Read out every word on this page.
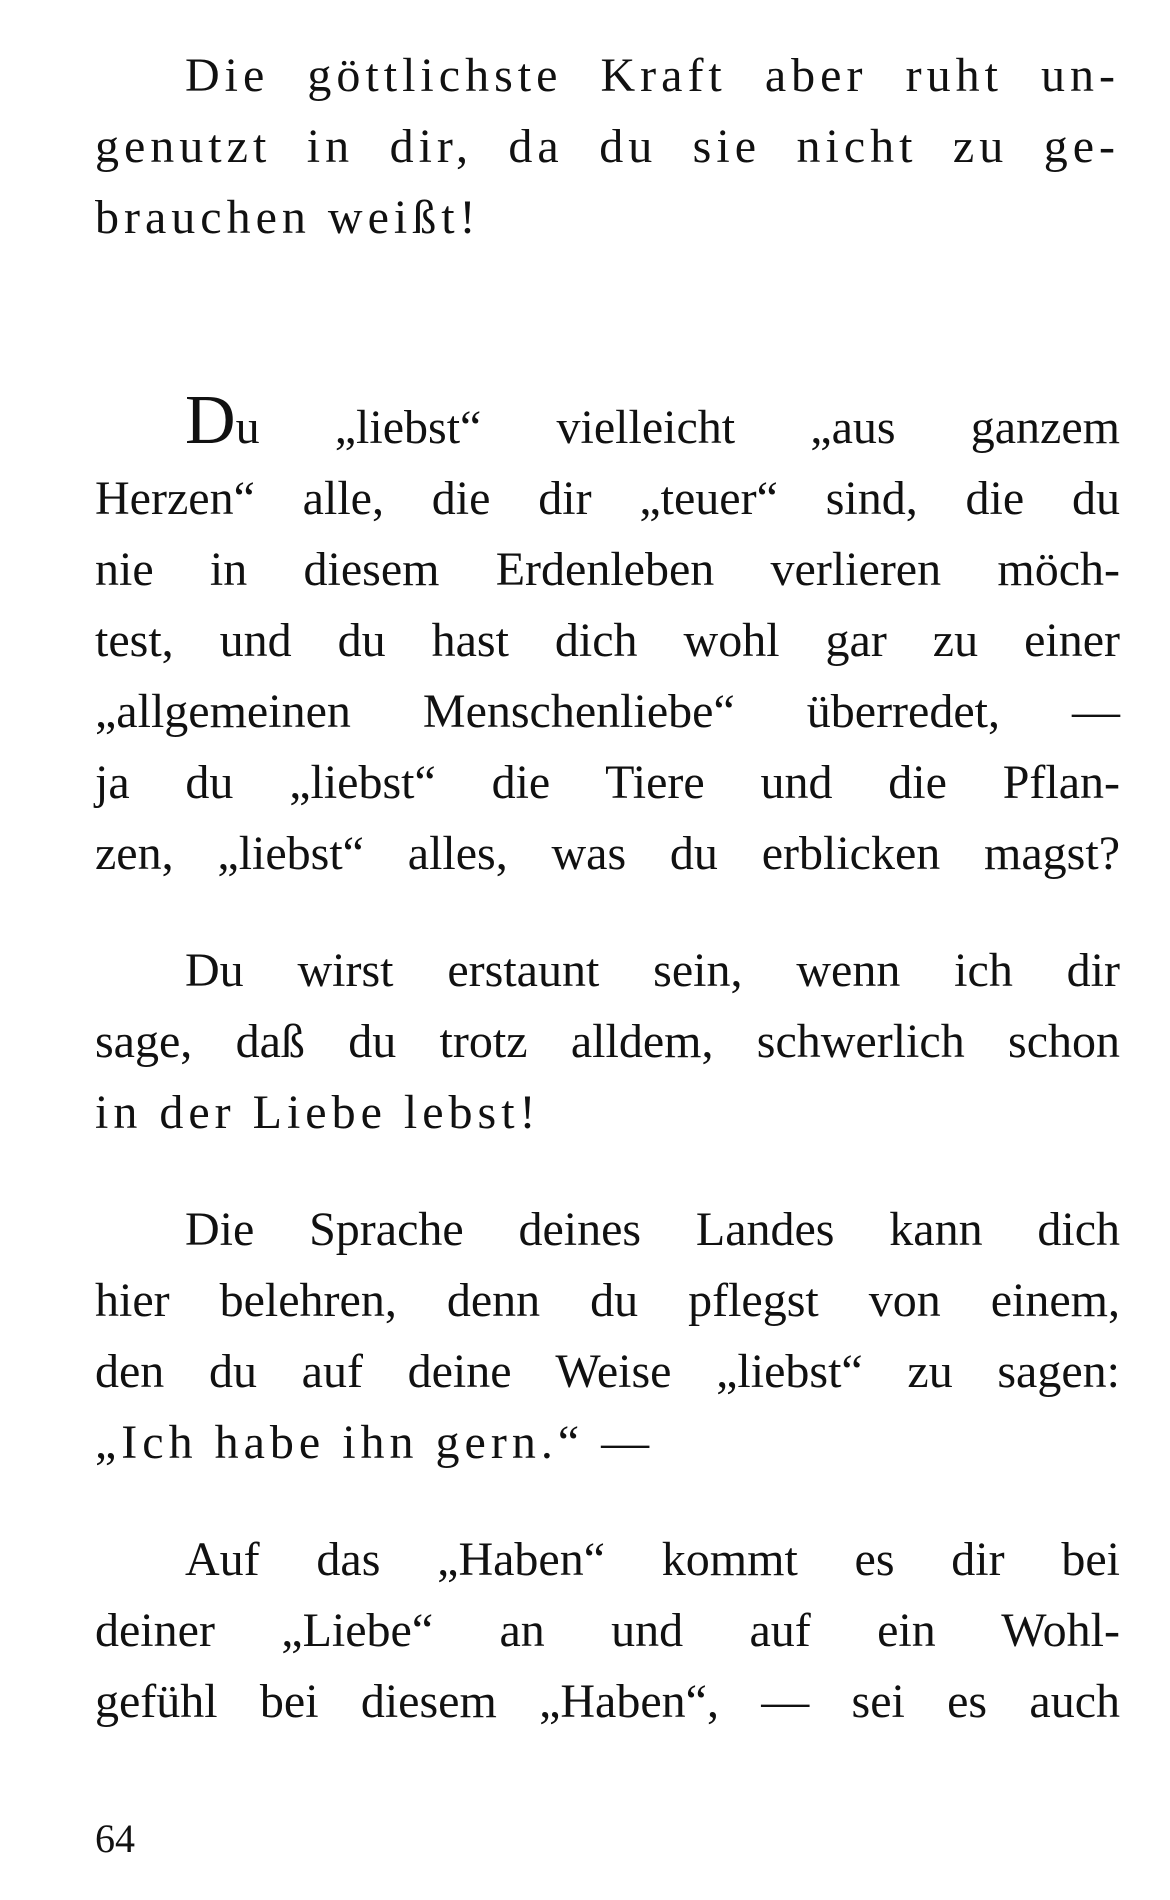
Die göttlichste Kraft aber ruht un-
genutzt in dir, da du sie nicht zu ge-
brauchen weißt!

Du „liebst“ vielleicht „aus ganzem
Herzen“ alle, die dir „teuer“ sind, die du
nie in diesem Erdenleben verlieren möch-
test, und du hast dich wohl gar zu einer
„allgemeinen Menschenliebe“ überredet, —
ja du „liebst“ die Tiere und die Pflan-
zen, „liebst“ alles, was du erblicken magst?

Du wirst erstaunt sein, wenn ich dir
sage, daß du trotz alldem, schwerlich schon
in der Liebe lebst!

Die Sprache deines Landes kann dich
hier belehren, denn du pflegst von einem,
den du auf deine Weise „liebst“ zu sagen:
„Ich habe ihn gern.“ —

Auf das „Haben“ kommt es dir bei
deiner „Liebe“ an und auf ein Wohl-
gefühl bei diesem „Haben“, — sei es auch

64
